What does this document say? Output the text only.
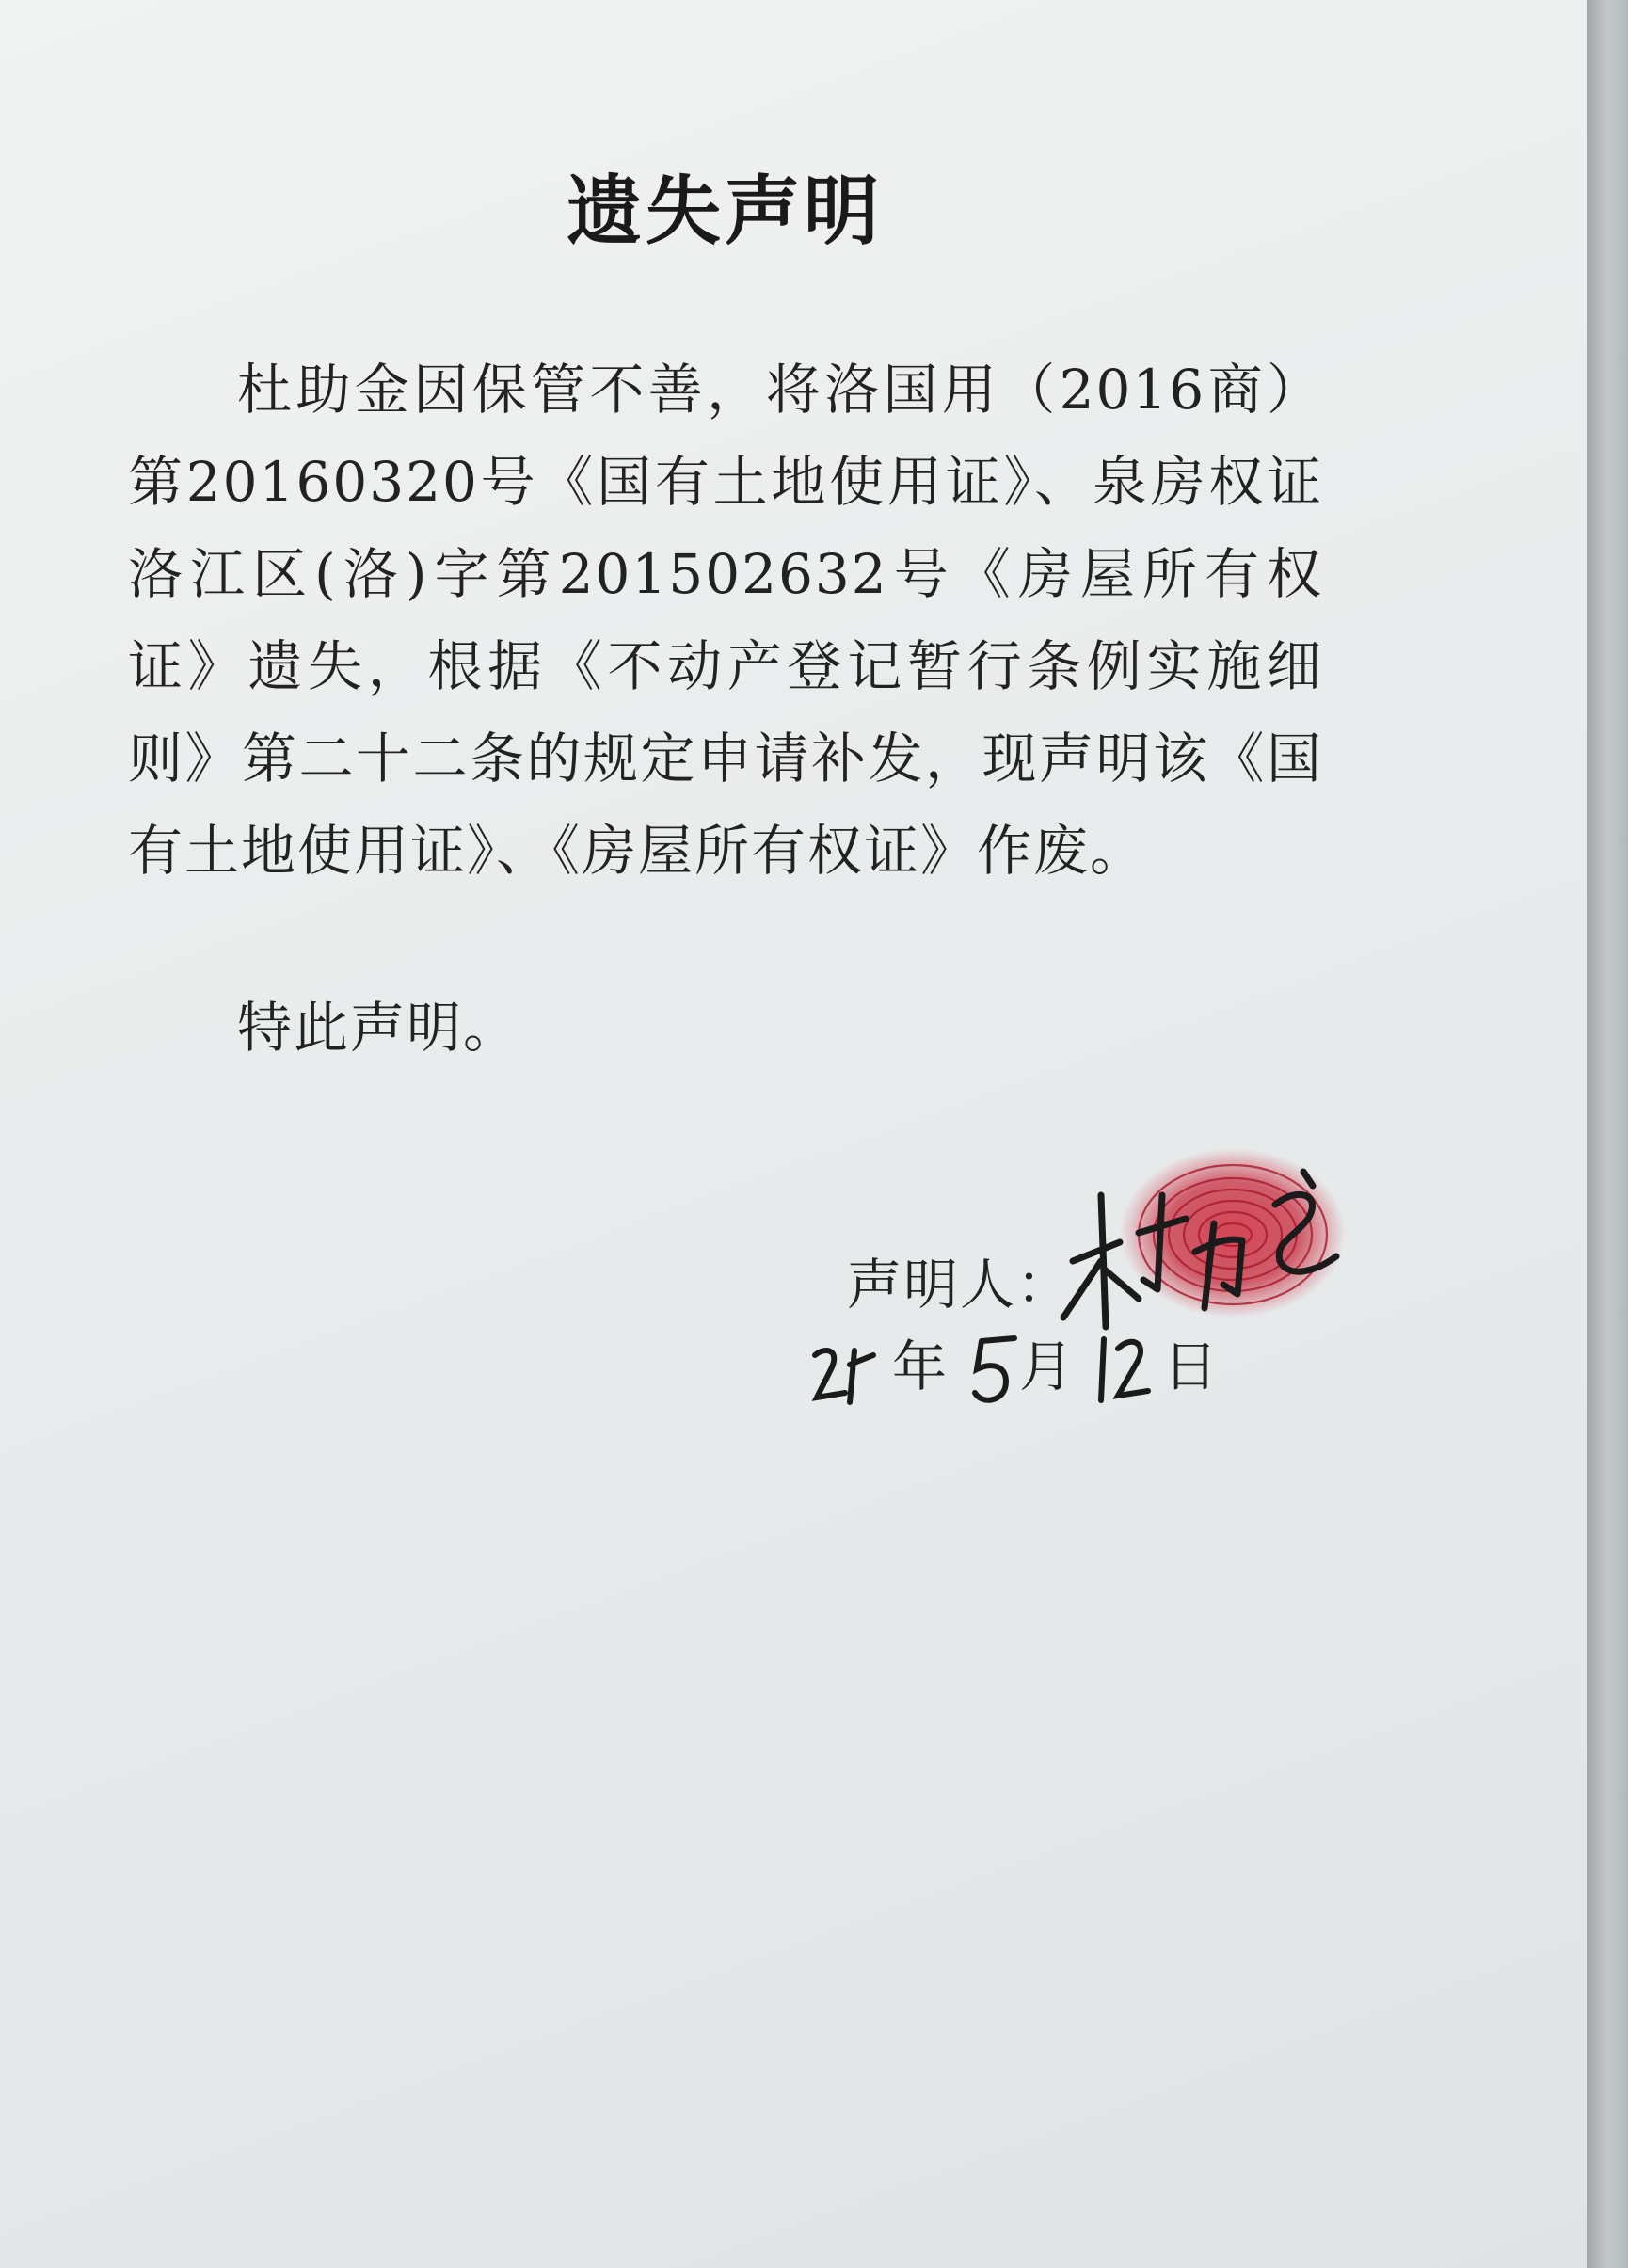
遗失声明

杜助金因保管不善，将洛国用（2016商）第20160320号《国有土地使用证》、泉房权证洛江区(洛)字第201502632号《房屋所有权证》遗失，根据《不动产登记暂行条例实施细则》第二十二条的规定申请补发，现声明该《国有土地使用证》、《房屋所有权证》作废。

特此声明。
声明人：
年 月 日
